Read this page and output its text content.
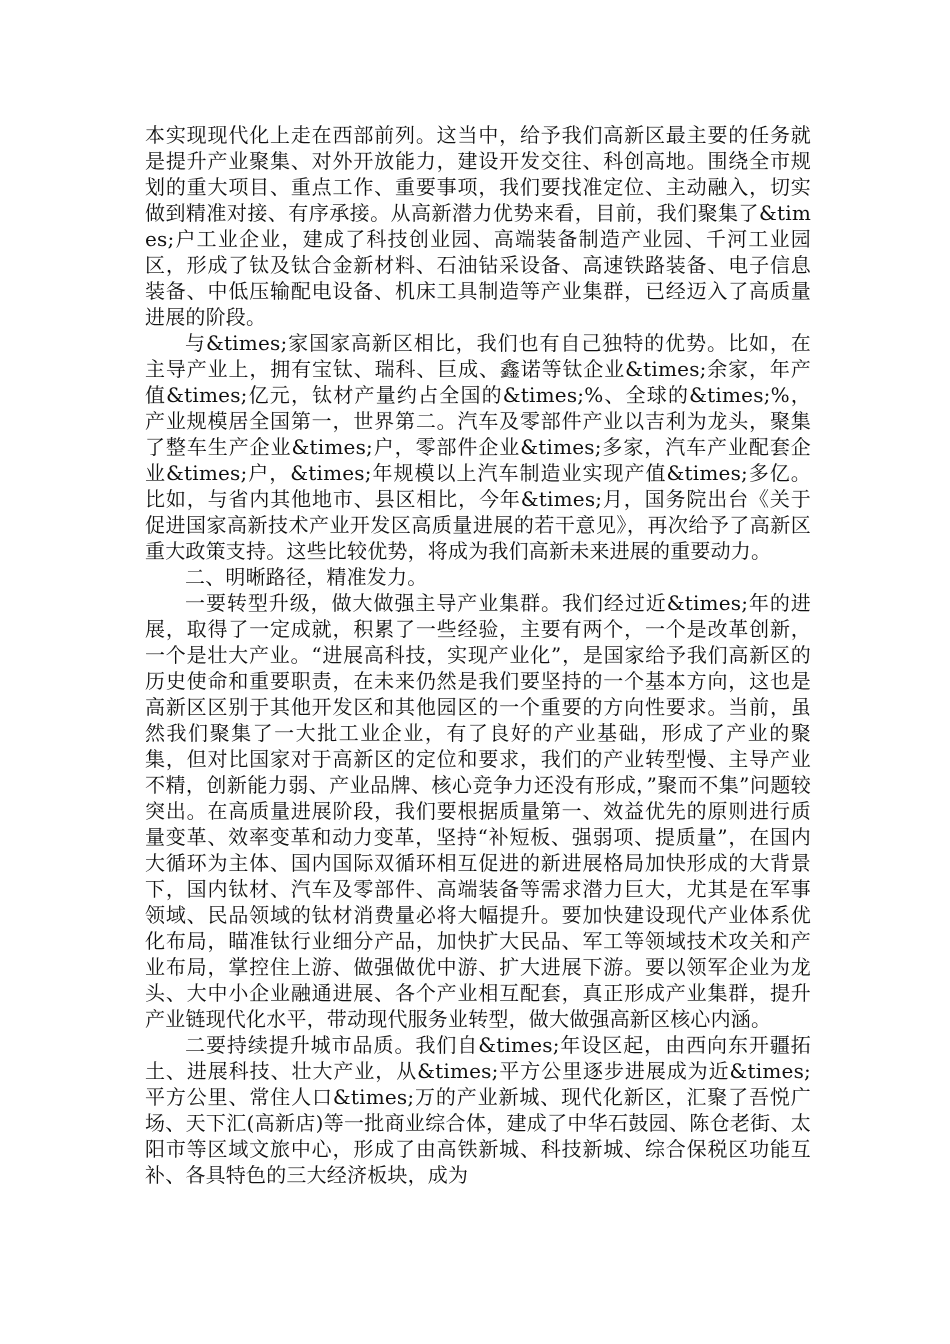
本实现现代化上走在西部前列。这当中，给予我们高新区最主要的任务就是提升产业聚集、对外开放能力，建设开发交往、科创高地。围绕全市规划的重大项目、重点工作、重要事项，我们要找准定位、主动融入，切实做到精准对接、有序承接。从高新潜力优势来看，目前，我们聚集了&times;户工业企业，建成了科技创业园、高端装备制造产业园、千河工业园区，形成了钛及钛合金新材料、石油钻采设备、高速铁路装备、电子信息装备、中低压输配电设备、机床工具制造等产业集群，已经迈入了高质量进展的阶段。

与&times;家国家高新区相比，我们也有自己独特的优势。比如，在主导产业上，拥有宝钛、瑞科、巨成、鑫诺等钛企业&times;余家，年产值&times;亿元，钛材产量约占全国的&times;%、全球的&times;%，产业规模居全国第一，世界第二。汽车及零部件产业以吉利为龙头，聚集了整车生产企业&times;户，零部件企业&times;多家，汽车产业配套企业&times;户，&times;年规模以上汽车制造业实现产值&times;多亿。比如，与省内其他地市、县区相比，今年&times;月，国务院出台《关于促进国家高新技术产业开发区高质量进展的若干意见》，再次给予了高新区重大政策支持。这些比较优势，将成为我们高新未来进展的重要动力。

二、明晰路径，精准发力。

一要转型升级，做大做强主导产业集群。我们经过近&times;年的进展，取得了一定成就，积累了一些经验，主要有两个，一个是改革创新，一个是壮大产业。“进展高科技，实现产业化”，是国家给予我们高新区的历史使命和重要职责，在未来仍然是我们要坚持的一个基本方向，这也是高新区区别于其他开发区和其他园区的一个重要的方向性要求。当前，虽然我们聚集了一大批工业企业，有了良好的产业基础，形成了产业的聚集，但对比国家对于高新区的定位和要求，我们的产业转型慢、主导产业不精，创新能力弱、产业品牌、核心竞争力还没有形成，”聚而不集”问题较突出。在高质量进展阶段，我们要根据质量第一、效益优先的原则进行质量变革、效率变革和动力变革，坚持“补短板、强弱项、提质量”，在国内大循环为主体、国内国际双循环相互促进的新进展格局加快形成的大背景下，国内钛材、汽车及零部件、高端装备等需求潜力巨大，尤其是在军事领域、民品领域的钛材消费量必将大幅提升。要加快建设现代产业体系优化布局，瞄准钛行业细分产品，加快扩大民品、军工等领域技术攻关和产业布局，掌控住上游、做强做优中游、扩大进展下游。要以领军企业为龙头、大中小企业融通进展、各个产业相互配套，真正形成产业集群，提升产业链现代化水平，带动现代服务业转型，做大做强高新区核心内涵。

二要持续提升城市品质。我们自&times;年设区起，由西向东开疆拓土、进展科技、壮大产业，从&times;平方公里逐步进展成为近&times;平方公里、常住人口&times;万的产业新城、现代化新区，汇聚了吾悦广场、天下汇(高新店)等一批商业综合体，建成了中华石鼓园、陈仓老街、太阳市等区域文旅中心，形成了由高铁新城、科技新城、综合保税区功能互补、各具特色的三大经济板块，成为
